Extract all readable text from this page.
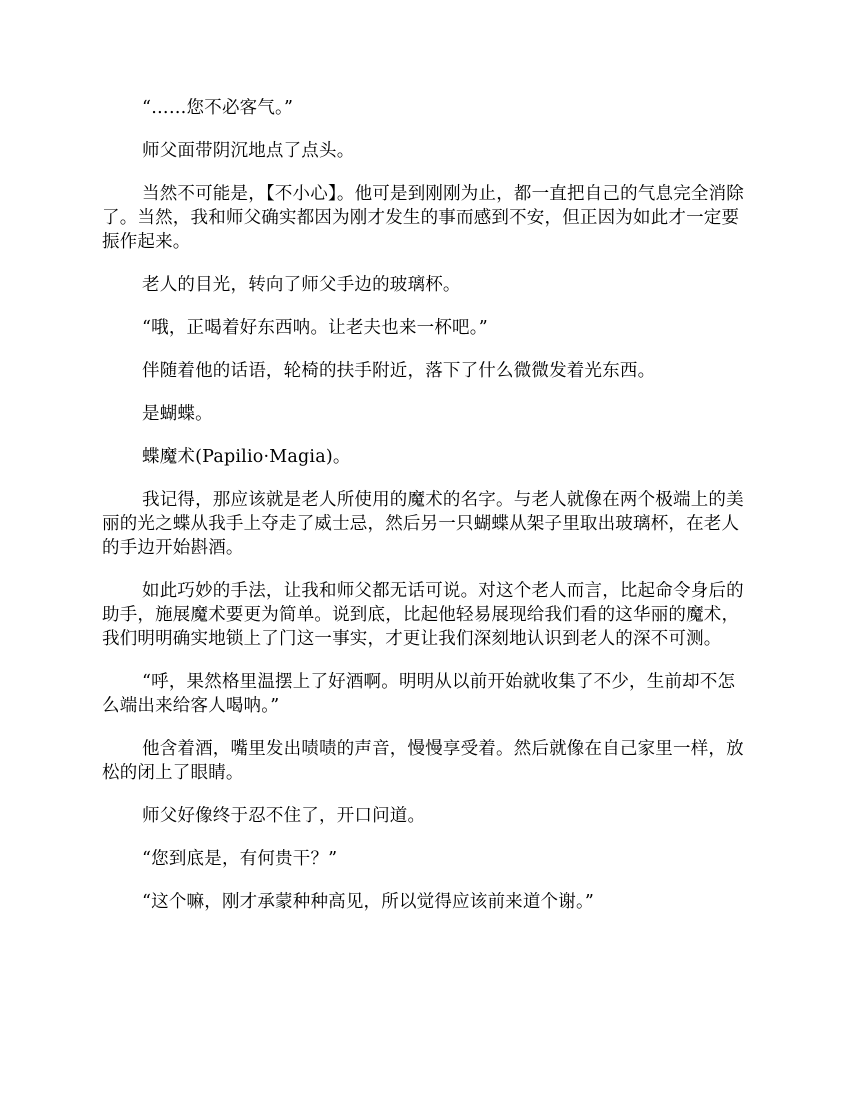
“……您不必客气。”

师父面带阴沉地点了点头。

当然不可能是，【不小心】。他可是到刚刚为止，都一直把自己的气息完全消除了。当然，我和师父确实都因为刚才发生的事而感到不安，但正因为如此才一定要振作起来。

老人的目光，转向了师父手边的玻璃杯。

“哦，正喝着好东西呐。让老夫也来一杯吧。”

伴随着他的话语，轮椅的扶手附近，落下了什么微微发着光东西。

是蝴蝶。

蝶魔术(Papilio·Magia)。

我记得，那应该就是老人所使用的魔术的名字。与老人就像在两个极端上的美丽的光之蝶从我手上夺走了威士忌，然后另一只蝴蝶从架子里取出玻璃杯，在老人的手边开始斟酒。

如此巧妙的手法，让我和师父都无话可说。对这个老人而言，比起命令身后的助手，施展魔术要更为简单。说到底，比起他轻易展现给我们看的这华丽的魔术，我们明明确实地锁上了门这一事实，才更让我们深刻地认识到老人的深不可测。

“呼，果然格里温摆上了好酒啊。明明从以前开始就收集了不少，生前却不怎么端出来给客人喝呐。”

他含着酒，嘴里发出啧啧的声音，慢慢享受着。然后就像在自己家里一样，放松的闭上了眼睛。

师父好像终于忍不住了，开口问道。

“您到底是，有何贵干？”

“这个嘛，刚才承蒙种种高见，所以觉得应该前来道个谢。”
